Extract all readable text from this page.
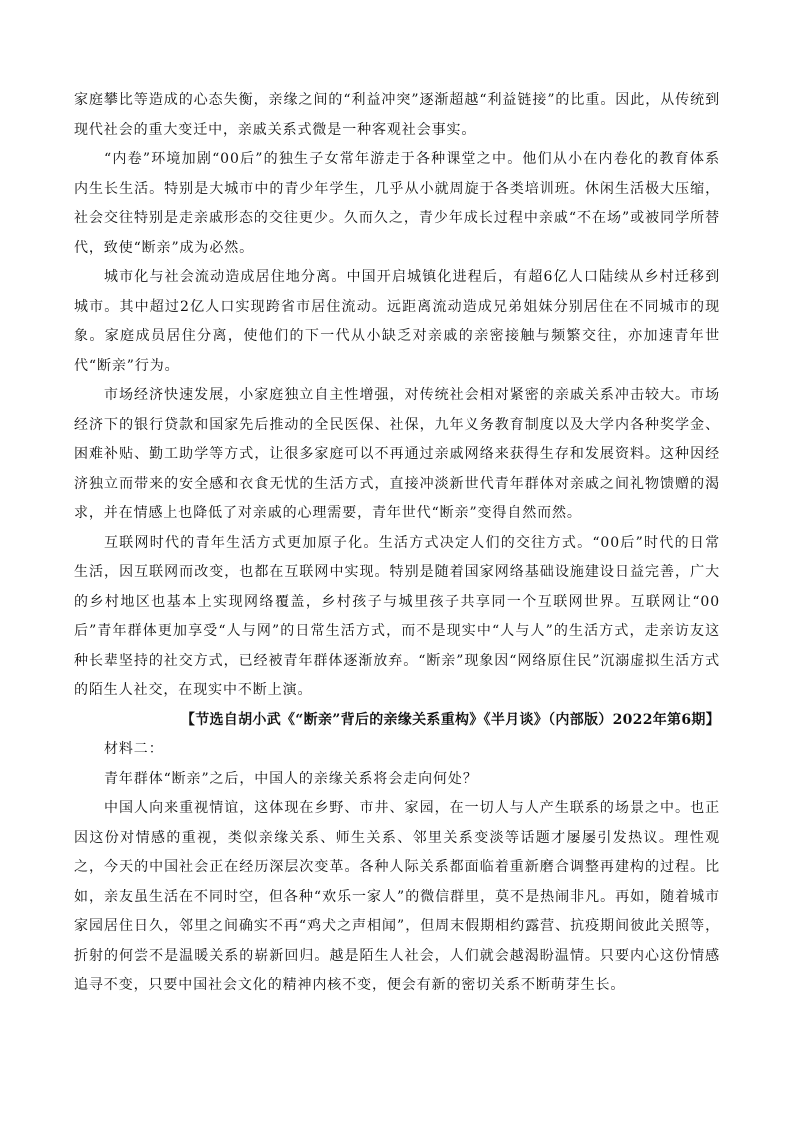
家庭攀比等造成的心态失衡，亲缘之间的“利益冲突”逐渐超越“利益链接”的比重。因此，从传统到现代社会的重大变迁中，亲戚关系式微是一种客观社会事实。

“内卷”环境加剧“00后”的独生子女常年游走于各种课堂之中。他们从小在内卷化的教育体系内生长生活。特别是大城市中的青少年学生，几乎从小就周旋于各类培训班。休闲生活极大压缩，社会交往特别是走亲戚形态的交往更少。久而久之，青少年成长过程中亲戚“不在场”或被同学所替代，致使“断亲”成为必然。

城市化与社会流动造成居住地分离。中国开启城镇化进程后，有超6亿人口陆续从乡村迁移到城市。其中超过2亿人口实现跨省市居住流动。远距离流动造成兄弟姐妹分别居住在不同城市的现象。家庭成员居住分离，使他们的下一代从小缺乏对亲戚的亲密接触与频繁交往，亦加速青年世代“断亲”行为。

市场经济快速发展，小家庭独立自主性增强，对传统社会相对紧密的亲戚关系冲击较大。市场经济下的银行贷款和国家先后推动的全民医保、社保，九年义务教育制度以及大学内各种奖学金、困难补贴、勤工助学等方式，让很多家庭可以不再通过亲戚网络来获得生存和发展资料。这种因经济独立而带来的安全感和衣食无忧的生活方式，直接冲淡新世代青年群体对亲戚之间礼物馈赠的渴求，并在情感上也降低了对亲戚的心理需要，青年世代“断亲”变得自然而然。

互联网时代的青年生活方式更加原子化。生活方式决定人们的交往方式。“00后”时代的日常生活，因互联网而改变，也都在互联网中实现。特别是随着国家网络基础设施建设日益完善，广大的乡村地区也基本上实现网络覆盖，乡村孩子与城里孩子共享同一个互联网世界。互联网让“00后”青年群体更加享受“人与网”的日常生活方式，而不是现实中“人与人”的生活方式，走亲访友这种长辈坚持的社交方式，已经被青年群体逐渐放弃。“断亲”现象因“网络原住民”沉溺虚拟生活方式的陌生人社交，在现实中不断上演。

【节选自胡小武《“断亲”背后的亲缘关系重构》《半月谈》（内部版）2022年第6期】

材料二：

青年群体“断亲”之后，中国人的亲缘关系将会走向何处？

中国人向来重视情谊，这体现在乡野、市井、家园，在一切人与人产生联系的场景之中。也正因这份对情感的重视，类似亲缘关系、师生关系、邻里关系变淡等话题才屡屡引发热议。理性观之，今天的中国社会正在经历深层次变革。各种人际关系都面临着重新磨合调整再建构的过程。比如，亲友虽生活在不同时空，但各种“欢乐一家人”的微信群里，莫不是热闹非凡。再如，随着城市家园居住日久，邻里之间确实不再“鸡犬之声相闻”，但周末假期相约露营、抗疫期间彼此关照等，折射的何尝不是温暖关系的崭新回归。越是陌生人社会，人们就会越渴盼温情。只要内心这份情感追寻不变，只要中国社会文化的精神内核不变，便会有新的密切关系不断萌芽生长。
